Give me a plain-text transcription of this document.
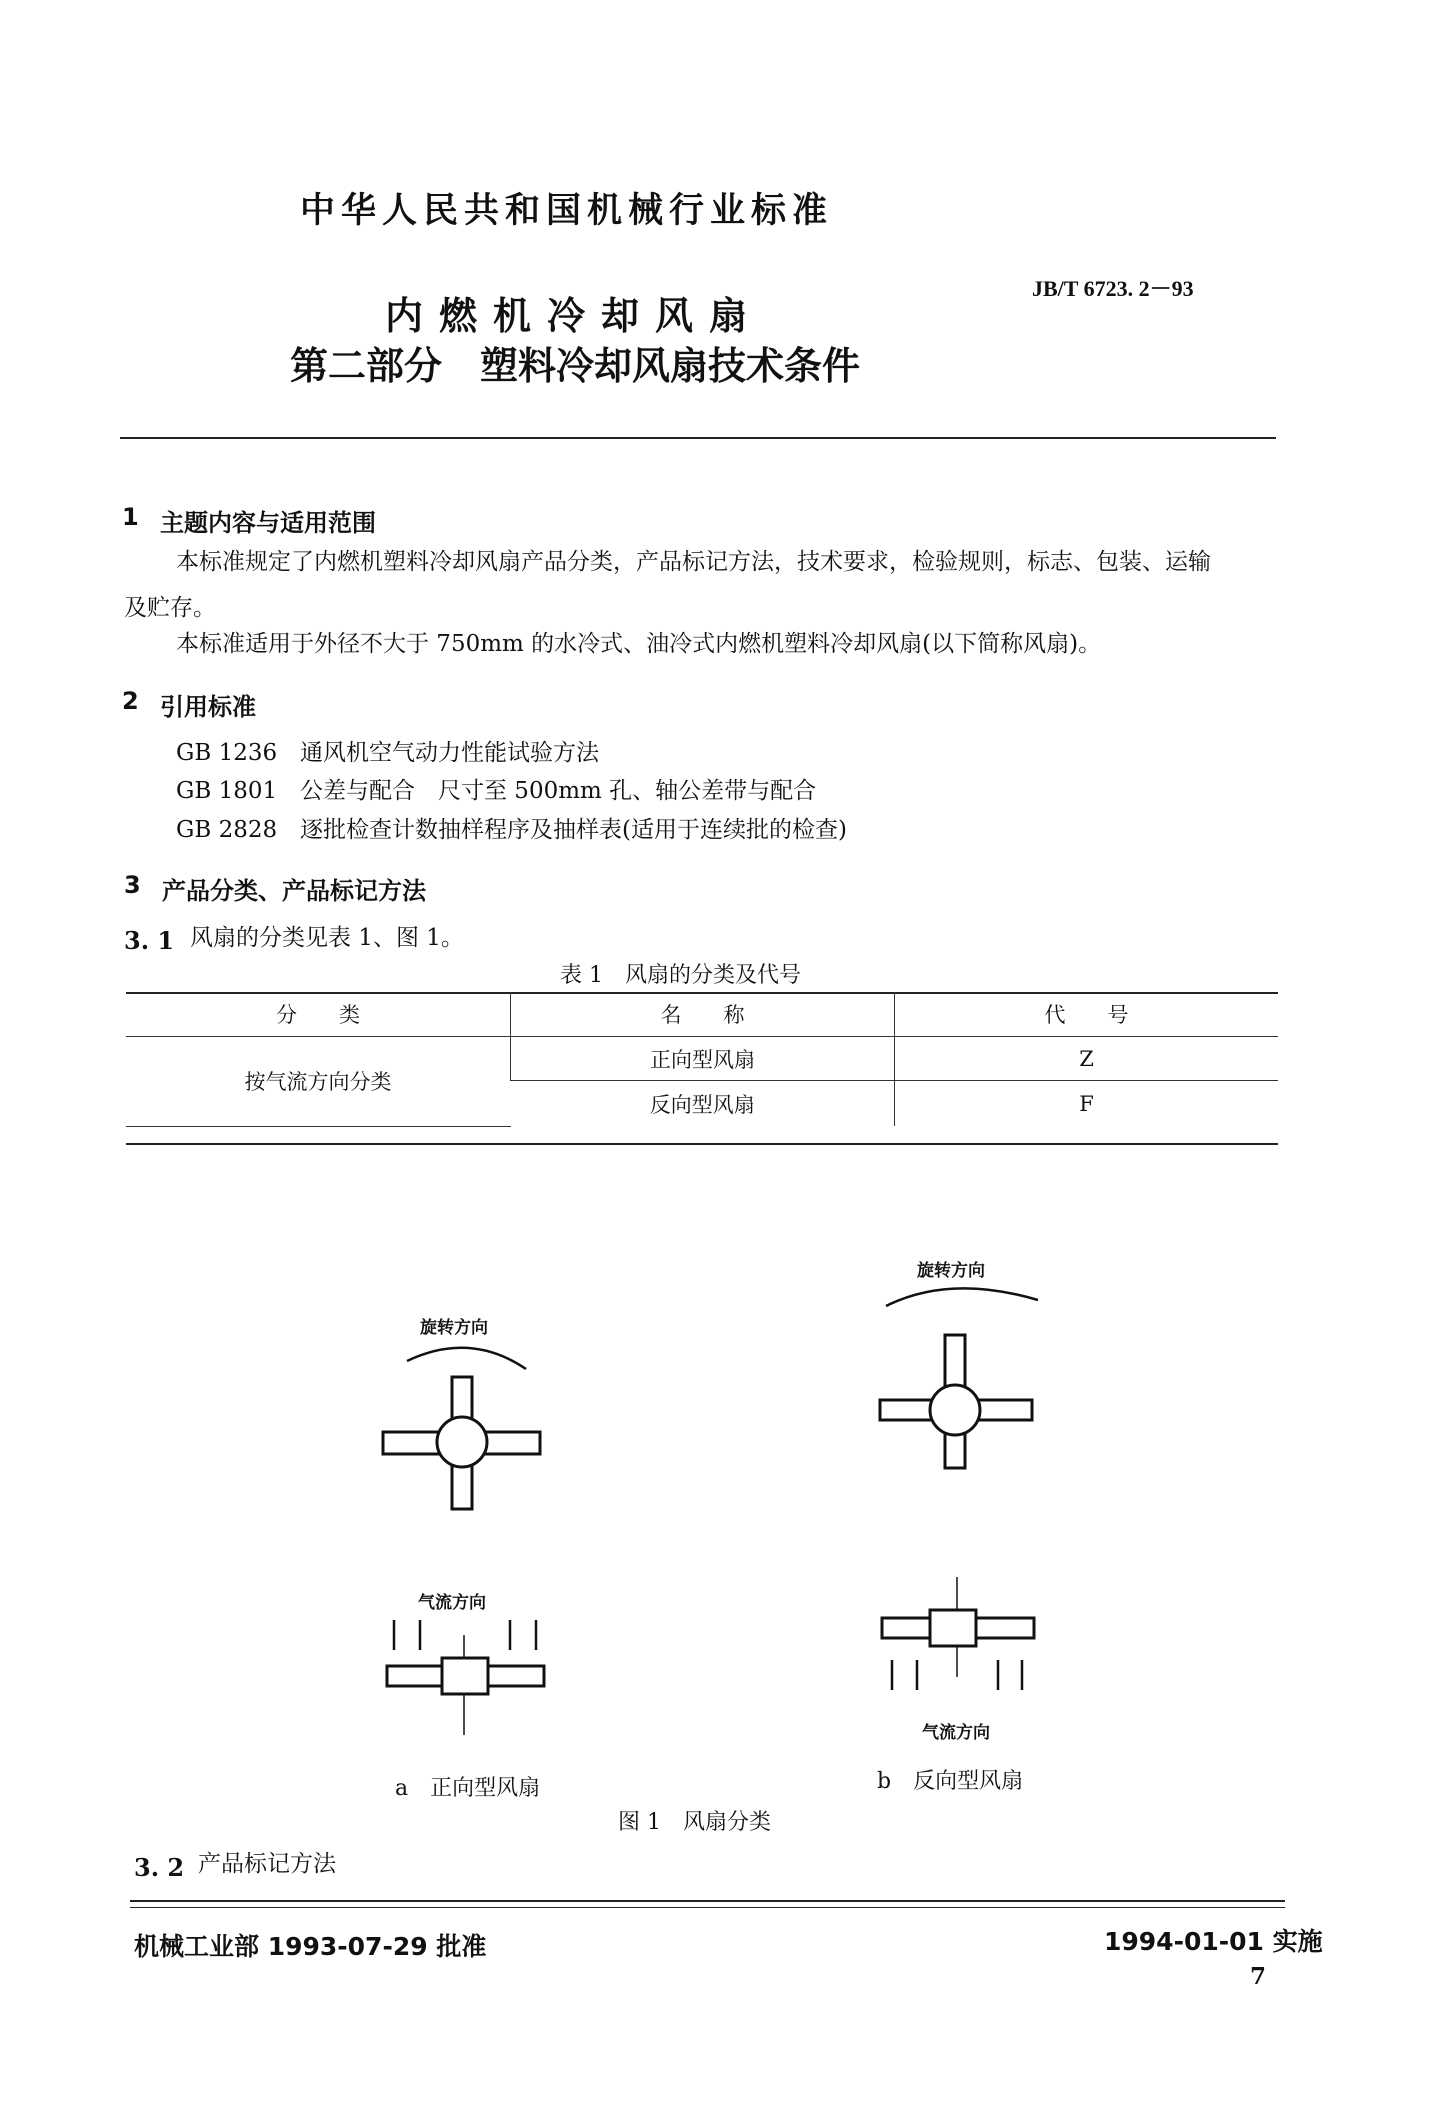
中华人民共和国机械行业标准
JB/T 6723. 2－93
内燃机冷却风扇
第二部分　塑料冷却风扇技术条件
1 主题内容与适用范围
本标准规定了内燃机塑料冷却风扇产品分类，产品标记方法，技术要求，检验规则，标志、包装、运输
及贮存。
本标准适用于外径不大于 750mm 的水冷式、油冷式内燃机塑料冷却风扇(以下简称风扇)。
2 引用标准
GB 1236 通风机空气动力性能试验方法
GB 1801 公差与配合　尺寸至 500mm 孔、轴公差带与配合
GB 2828 逐批检查计数抽样程序及抽样表(适用于连续批的检查)
3 产品分类、产品标记方法
3. 1 风扇的分类见表 1、图 1。
表 1　风扇的分类及代号
分　　类	名　　称	代　　号
按气流方向分类	正向型风扇	Z
	反向型风扇	F
旋转方向
气流方向
a　正向型风扇
旋转方向
气流方向
b　反向型风扇
图 1　风扇分类
3. 2 产品标记方法
机械工业部 1993-07-29 批准	1994-01-01 实施
7
